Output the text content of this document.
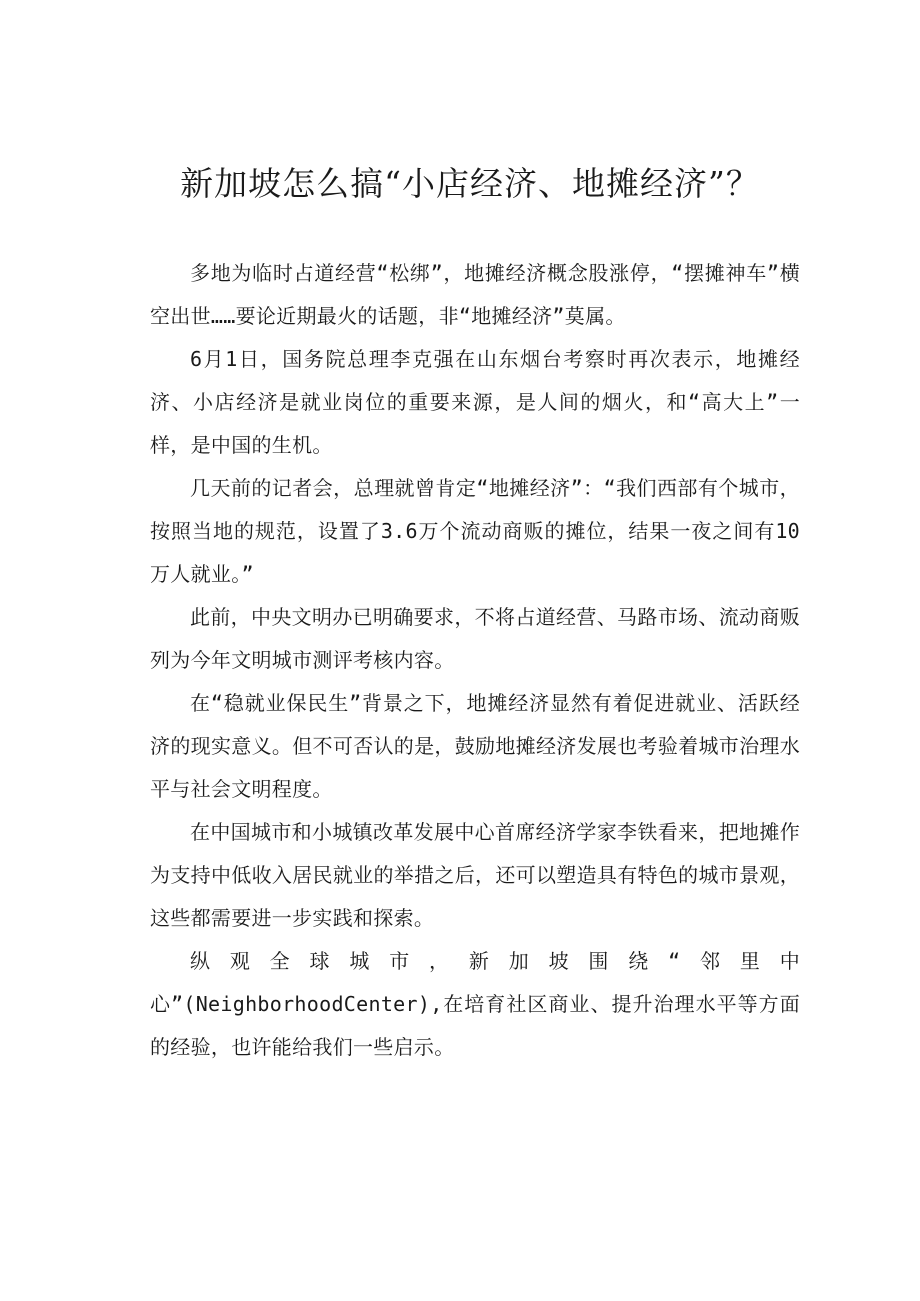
新加坡怎么搞“小店经济、地摊经济”？

多地为临时占道经营“松绑”，地摊经济概念股涨停，“摆摊神车”横空出世……要论近期最火的话题，非“地摊经济”莫属。

6月1日，国务院总理李克强在山东烟台考察时再次表示，地摊经济、小店经济是就业岗位的重要来源，是人间的烟火，和“高大上”一样，是中国的生机。

几天前的记者会，总理就曾肯定“地摊经济”：“我们西部有个城市，按照当地的规范，设置了3.6万个流动商贩的摊位，结果一夜之间有10万人就业。”

此前，中央文明办已明确要求，不将占道经营、马路市场、流动商贩列为今年文明城市测评考核内容。

在“稳就业保民生”背景之下，地摊经济显然有着促进就业、活跃经济的现实意义。但不可否认的是，鼓励地摊经济发展也考验着城市治理水平与社会文明程度。

在中国城市和小城镇改革发展中心首席经济学家李铁看来，把地摊作为支持中低收入居民就业的举措之后，还可以塑造具有特色的城市景观，这些都需要进一步实践和探索。

纵观全球城市，新加坡围绕“邻里中
心”(NeighborhoodCenter),在培育社区商业、提升治理水平等方面的经验，也许能给我们一些启示。
